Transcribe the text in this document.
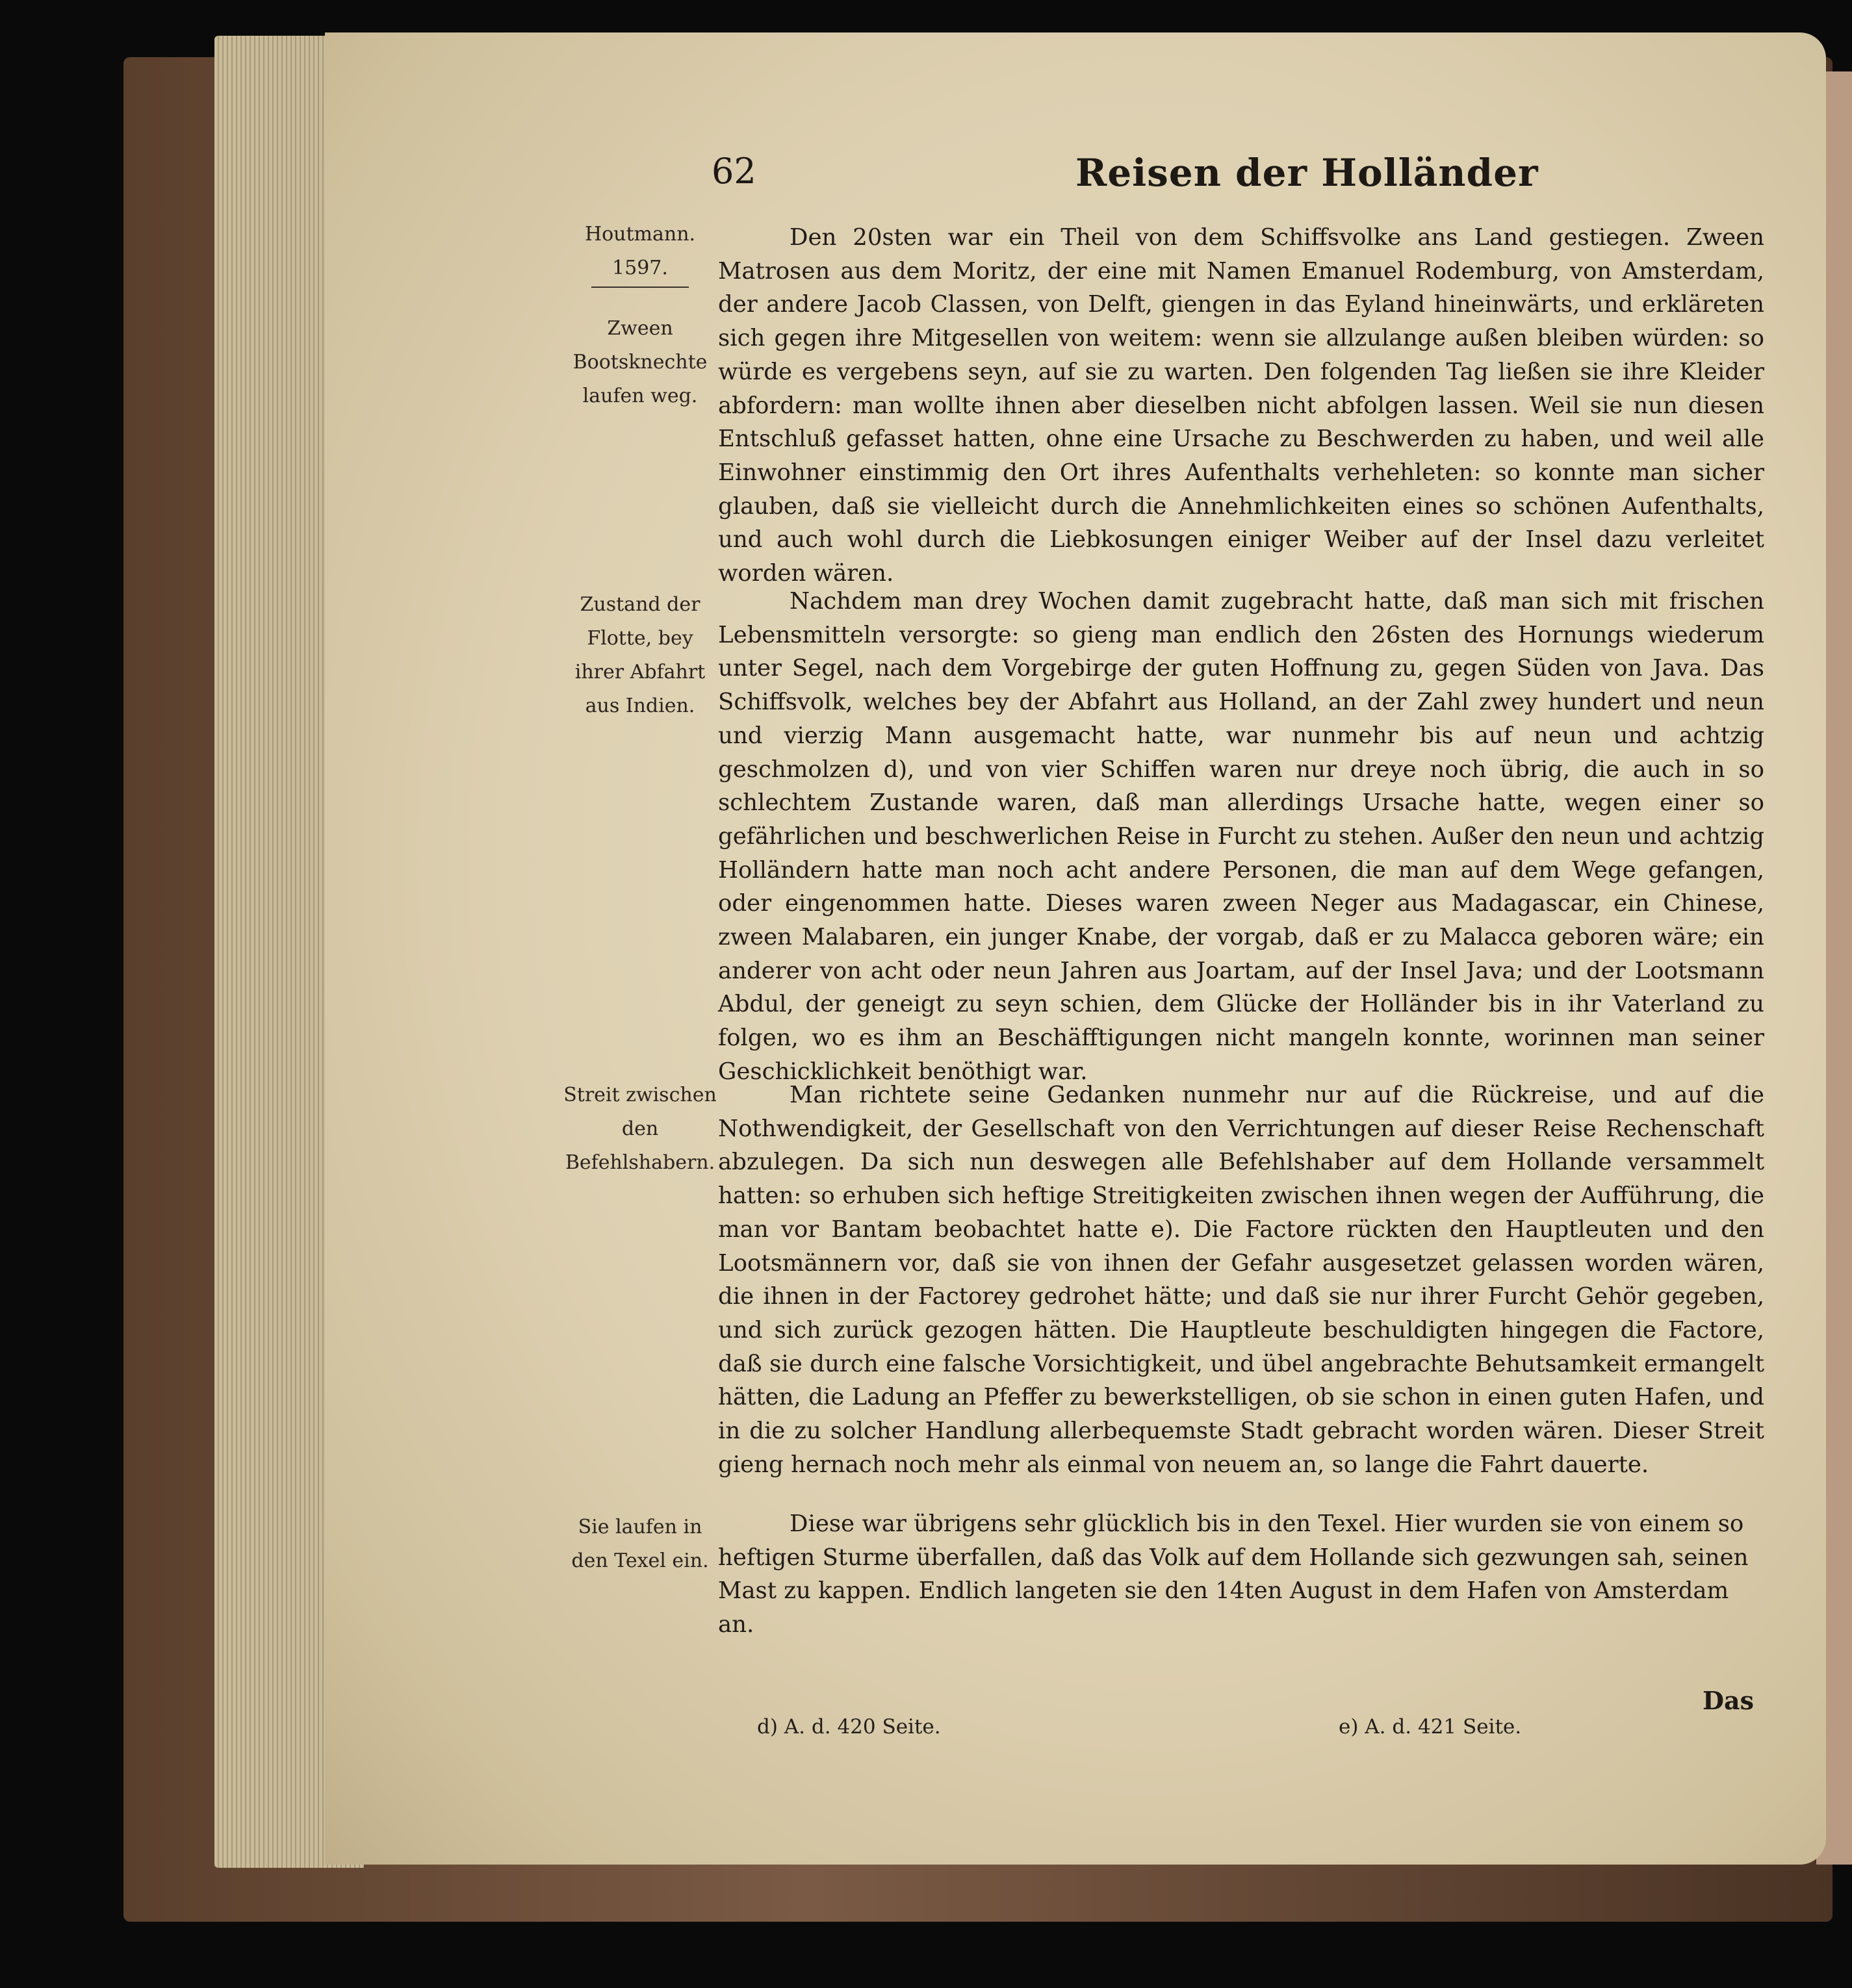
62	Reisen der Holländer
Houtmann.
1597.
Zween Bootsknechte laufen weg.
Zustand der Flotte, bey ihrer Abfahrt aus Indien.
Streit zwischen den Befehlshabern.
Sie laufen in den Texel ein.

Den 20sten war ein Theil von dem Schiffsvolke ans Land gestiegen. Zween Matrosen aus dem Moritz, der eine mit Namen Emanuel Rodemburg, von Amsterdam, der andere Jacob Classen, von Delft, giengen in das Eyland hineinwärts, und erkläreten sich gegen ihre Mitgesellen von weitem: wenn sie allzulange außen bleiben würden: so würde es vergebens seyn, auf sie zu warten. Den folgenden Tag ließen sie ihre Kleider abfordern: man wollte ihnen aber dieselben nicht abfolgen lassen. Weil sie nun diesen Entschluß gefasset hatten, ohne eine Ursache zu Beschwerden zu haben, und weil alle Einwohner einstimmig den Ort ihres Aufenthalts verhehleten: so konnte man sicher glauben, daß sie vielleicht durch die Annehmlichkeiten eines so schönen Aufenthalts, und auch wohl durch die Liebkosungen einiger Weiber auf der Insel dazu verleitet worden wären.

Nachdem man drey Wochen damit zugebracht hatte, daß man sich mit frischen Lebensmitteln versorgte: so gieng man endlich den 26sten des Hornungs wiederum unter Segel, nach dem Vorgebirge der guten Hoffnung zu, gegen Süden von Java. Das Schiffsvolk, welches bey der Abfahrt aus Holland, an der Zahl zwey hundert und neun und vierzig Mann ausgemacht hatte, war nunmehr bis auf neun und achtzig geschmolzen d), und von vier Schiffen waren nur dreye noch übrig, die auch in so schlechtem Zustande waren, daß man allerdings Ursache hatte, wegen einer so gefährlichen und beschwerlichen Reise in Furcht zu stehen. Außer den neun und achtzig Holländern hatte man noch acht andere Personen, die man auf dem Wege gefangen, oder eingenommen hatte. Dieses waren zween Neger aus Madagascar, ein Chinese, zween Malabaren, ein junger Knabe, der vorgab, daß er zu Malacca geboren wäre; ein anderer von acht oder neun Jahren aus Joartam, auf der Insel Java; und der Lootsmann Abdul, der geneigt zu seyn schien, dem Glücke der Holländer bis in ihr Vaterland zu folgen, wo es ihm an Beschäfftigungen nicht mangeln konnte, worinnen man seiner Geschicklichkeit benöthigt war.

Man richtete seine Gedanken nunmehr nur auf die Rückreise, und auf die Nothwendigkeit, der Gesellschaft von den Verrichtungen auf dieser Reise Rechenschaft abzulegen. Da sich nun deswegen alle Befehlshaber auf dem Hollande versammelt hatten: so erhuben sich heftige Streitigkeiten zwischen ihnen wegen der Aufführung, die man vor Bantam beobachtet hatte e). Die Factore rückten den Hauptleuten und den Lootsmännern vor, daß sie von ihnen der Gefahr ausgesetzet gelassen worden wären, die ihnen in der Factorey gedrohet hätte; und daß sie nur ihrer Furcht Gehör gegeben, und sich zurück gezogen hätten. Die Hauptleute beschuldigten hingegen die Factore, daß sie durch eine falsche Vorsichtigkeit, und übel angebrachte Behutsamkeit ermangelt hätten, die Ladung an Pfeffer zu bewerkstelligen, ob sie schon in einen guten Hafen, und in die zu solcher Handlung allerbequemste Stadt gebracht worden wären. Dieser Streit gieng hernach noch mehr als einmal von neuem an, so lange die Fahrt dauerte.

Diese war übrigens sehr glücklich bis in den Texel. Hier wurden sie von einem so heftigen Sturme überfallen, daß das Volk auf dem Hollande sich gezwungen sah, seinen Mast zu kappen. Endlich langeten sie den 14ten August in dem Hafen von Amsterdam an.

Das
d) A. d. 420 Seite.	e) A. d. 421 Seite.
